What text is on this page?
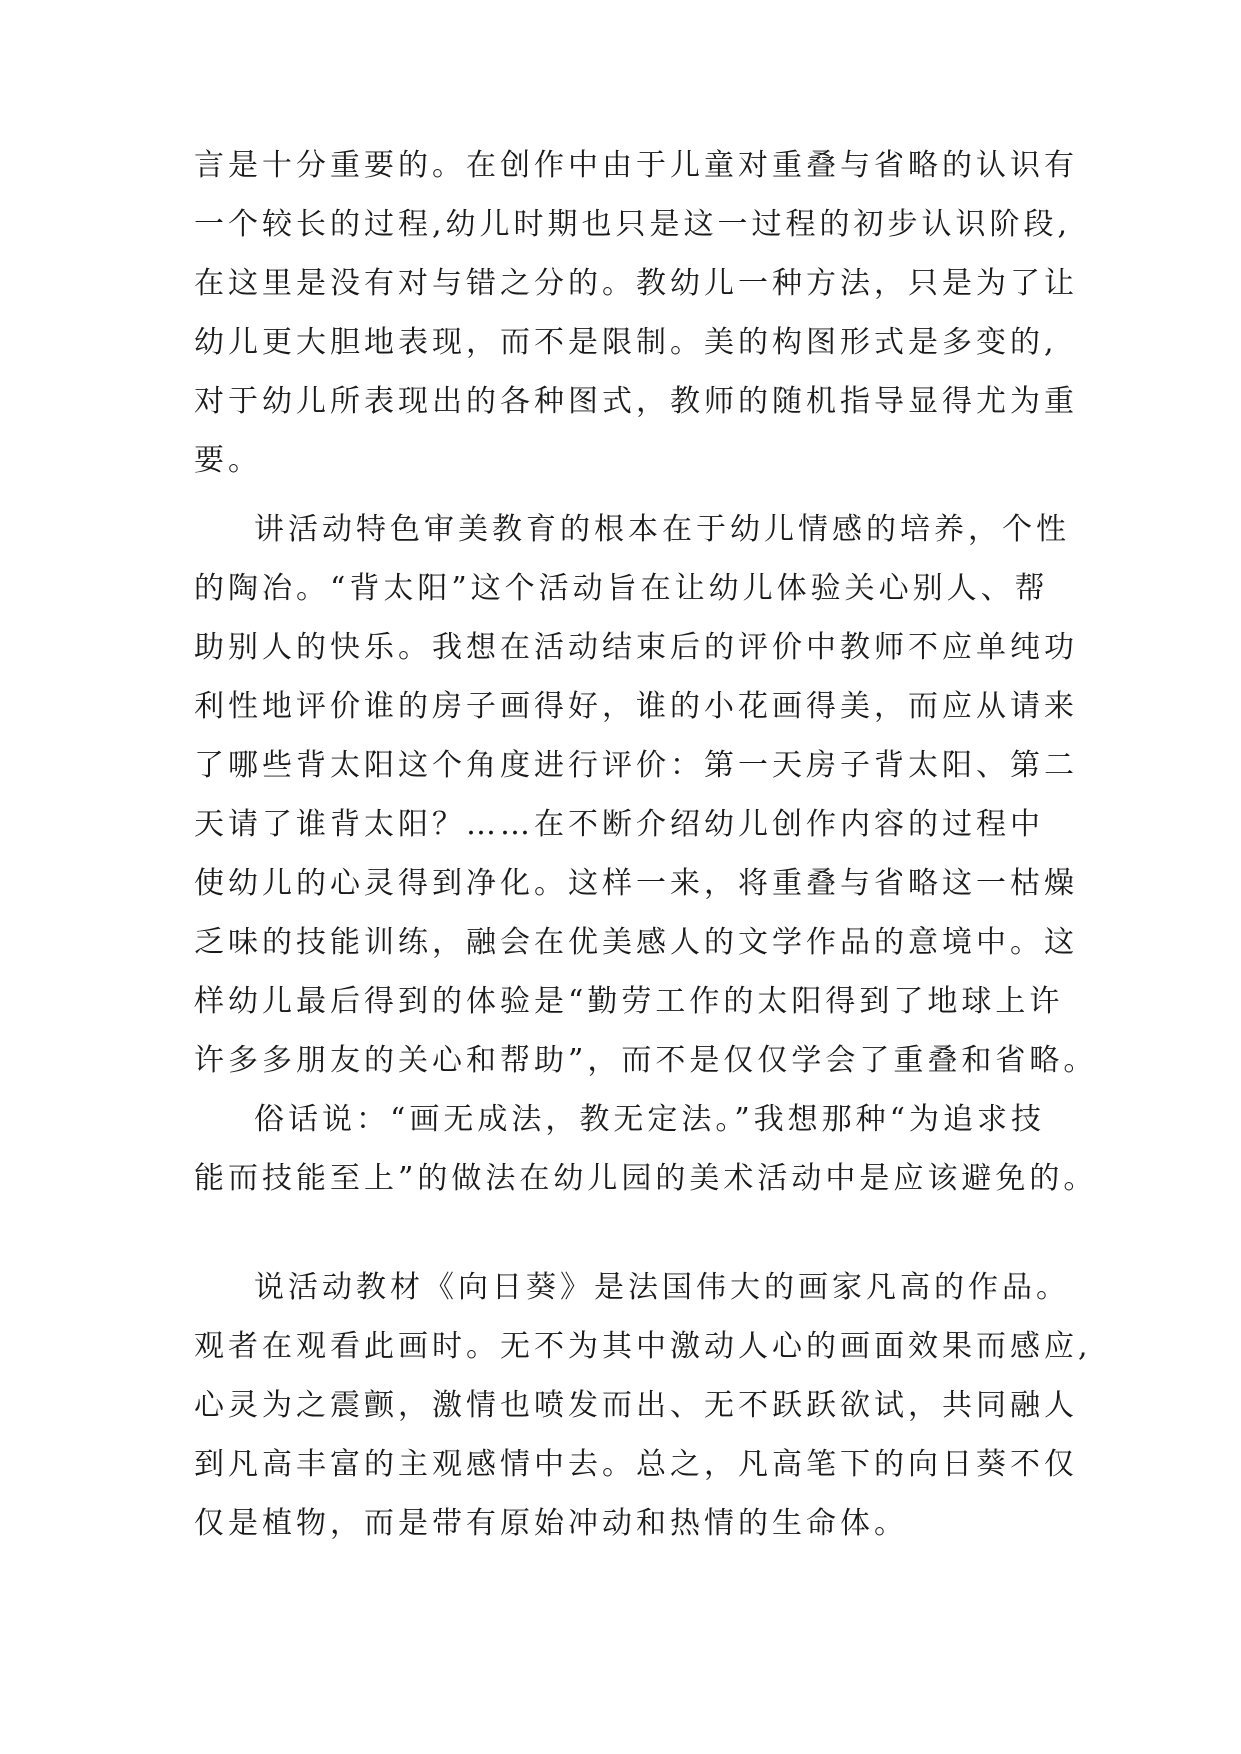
言是十分重要的。在创作中由于儿童对重叠与省略的认识有
一个较长的过程,幼儿时期也只是这一过程的初步认识阶段,
在这里是没有对与错之分的。教幼儿一种方法，只是为了让
幼儿更大胆地表现，而不是限制。美的构图形式是多变的,
对于幼儿所表现出的各种图式，教师的随机指导显得尤为重
要。
讲活动特色审美教育的根本在于幼儿情感的培养，个性
的陶冶。“背太阳”这个活动旨在让幼儿体验关心别人、帮
助别人的快乐。我想在活动结束后的评价中教师不应单纯功
利性地评价谁的房子画得好，谁的小花画得美，而应从请来
了哪些背太阳这个角度进行评价：第一天房子背太阳、第二
天请了谁背太阳？……在不断介绍幼儿创作内容的过程中
使幼儿的心灵得到净化。这样一来，将重叠与省略这一枯燥
乏味的技能训练，融会在优美感人的文学作品的意境中。这
样幼儿最后得到的体验是“勤劳工作的太阳得到了地球上许
许多多朋友的关心和帮助”，而不是仅仅学会了重叠和省略。
俗话说：“画无成法，教无定法。”我想那种“为追求技
能而技能至上”的做法在幼儿园的美术活动中是应该避免的。
说活动教材《向日葵》是法国伟大的画家凡高的作品。
观者在观看此画时。无不为其中激动人心的画面效果而感应,
心灵为之震颤，激情也喷发而出、无不跃跃欲试，共同融人
到凡高丰富的主观感情中去。总之，凡高笔下的向日葵不仅
仅是植物，而是带有原始冲动和热情的生命体。
